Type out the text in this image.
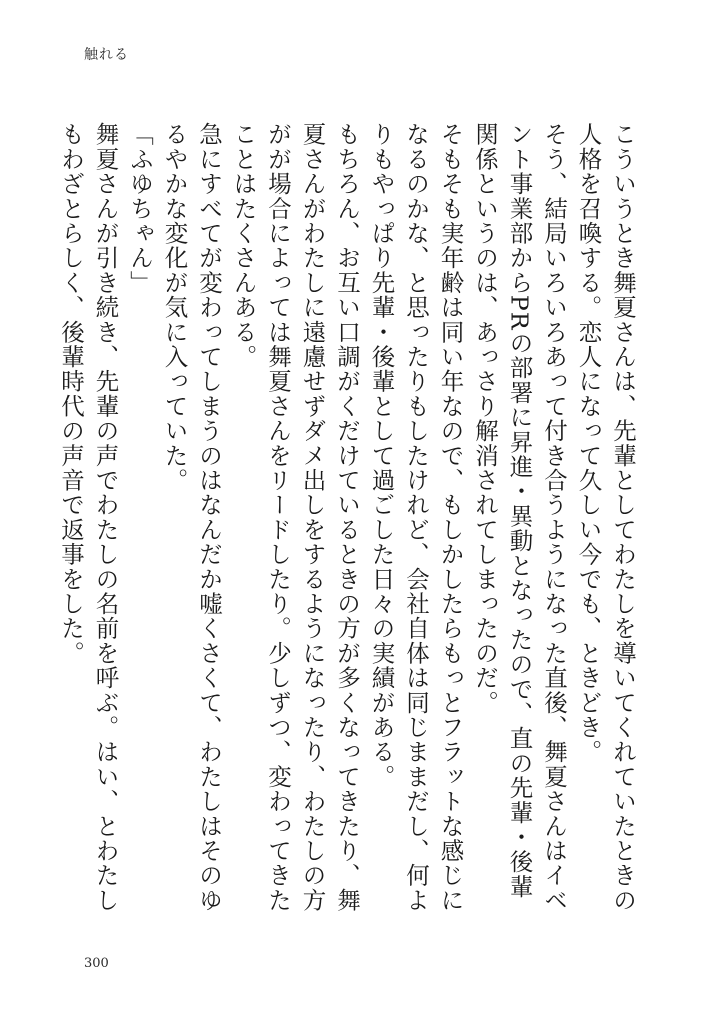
触れる

こういうとき舞夏さんは、先輩としてわたしを導いてくれていたときの人格を召喚する。恋人になって久しい今でも、ときどき。

そう、結局いろいろあって付き合うようになった直後、舞夏さんはイベント事業部からPRの部署に昇進・異動となったので、直の先輩・後輩関係というのは、あっさり解消されてしまったのだ。

そもそも実年齢は同い年なので、もしかしたらもっとフラットな感じになるのかな、と思ったりもしたけれど、会社自体は同じままだし、何よりもやっぱり先輩・後輩として過ごした日々の実績がある。

もちろん、お互い口調がくだけているときの方が多くなってきたり、舞夏さんがわたしに遠慮せずダメ出しをするようになったり、わたしの方がが場合によっては舞夏さんをリードしたり。少しずつ、変わってきたことはたくさんある。

急にすべてが変わってしまうのはなんだか嘘くさくて、わたしはそのゆるやかな変化が気に入っていた。

「ふゆちゃん」

舞夏さんが引き続き、先輩の声でわたしの名前を呼ぶ。はい、とわたしもわざとらしく、後輩時代の声音で返事をした。

300
